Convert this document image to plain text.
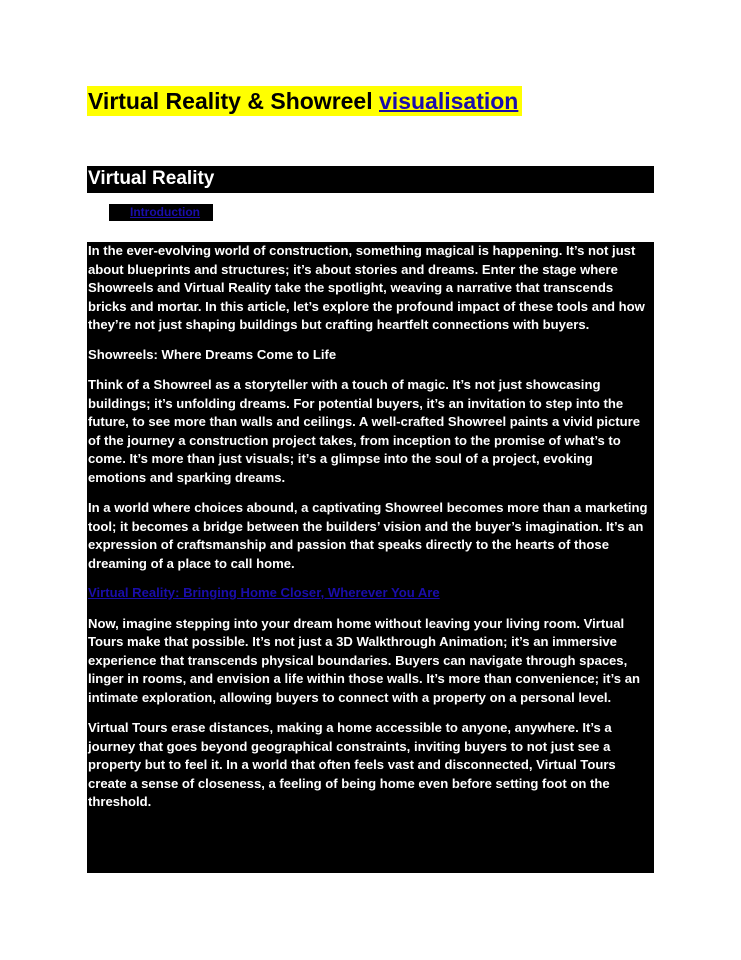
Virtual Reality & Showreel visualisation
Virtual Reality
Introduction

In the ever-evolving world of construction, something magical is happening. It’s not just about blueprints and structures; it’s about stories and dreams. Enter the stage where Showreels and Virtual Reality take the spotlight, weaving a narrative that transcends bricks and mortar. In this article, let’s explore the profound impact of these tools and how they’re not just shaping buildings but crafting heartfelt connections with buyers.

Showreels: Where Dreams Come to Life

Think of a Showreel as a storyteller with a touch of magic. It’s not just showcasing buildings; it’s unfolding dreams. For potential buyers, it’s an invitation to step into the future, to see more than walls and ceilings. A well-crafted Showreel paints a vivid picture of the journey a construction project takes, from inception to the promise of what’s to come. It’s more than just visuals; it’s a glimpse into the soul of a project, evoking emotions and sparking dreams.

In a world where choices abound, a captivating Showreel becomes more than a marketing tool; it becomes a bridge between the builders’ vision and the buyer’s imagination. It’s an expression of craftsmanship and passion that speaks directly to the hearts of those dreaming of a place to call home.

Virtual Reality: Bringing Home Closer, Wherever You Are

Now, imagine stepping into your dream home without leaving your living room. Virtual Tours make that possible. It’s not just a 3D Walkthrough Animation; it’s an immersive experience that transcends physical boundaries. Buyers can navigate through spaces, linger in rooms, and envision a life within those walls. It’s more than convenience; it’s an intimate exploration, allowing buyers to connect with a property on a personal level.

Virtual Tours erase distances, making a home accessible to anyone, anywhere. It’s a journey that goes beyond geographical constraints, inviting buyers to not just see a property but to feel it. In a world that often feels vast and disconnected, Virtual Tours create a sense of closeness, a feeling of being home even before setting foot on the threshold.
